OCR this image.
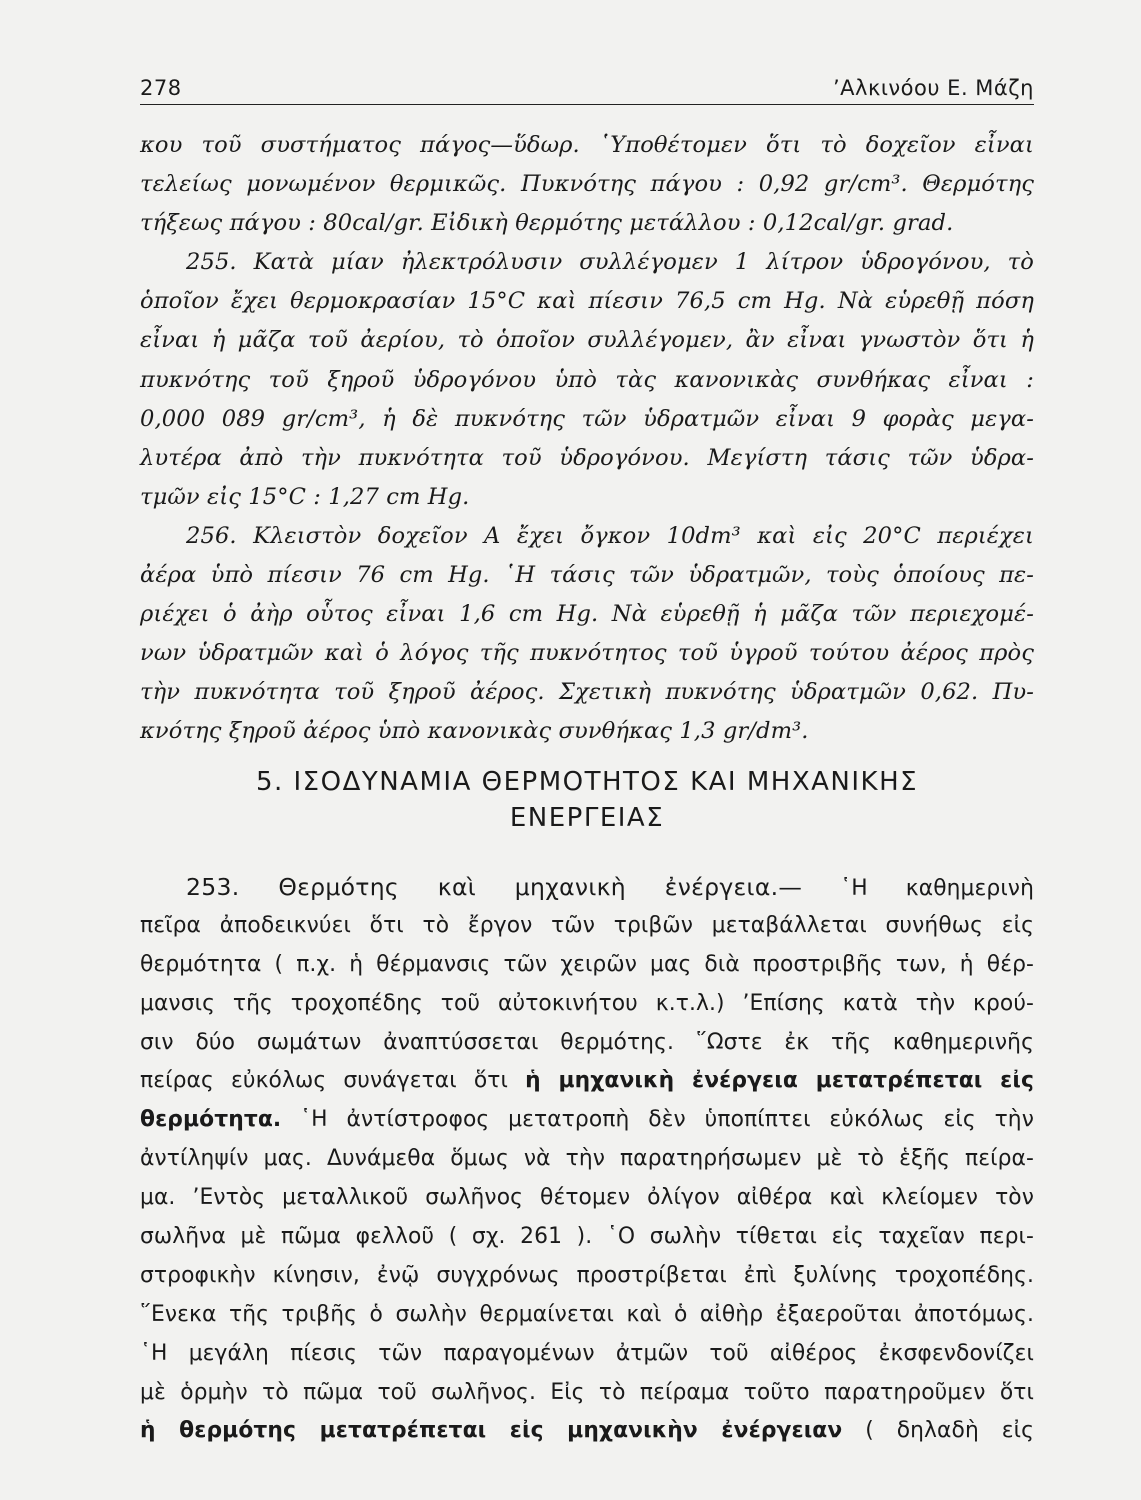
278	’Αλκινόου Ε. Μάζη
κου τοῦ συστήματος πάγος—ὕδωρ. ῾Υποθέτομεν ὅτι τὸ δοχεῖον εἶναι
τελείως μονωμένον θερμικῶς. Πυκνότης πάγου : 0,92 gr/cm³. Θερμότης
τήξεως πάγου : 80cal/gr. Εἰδικὴ θερμότης μετάλλου : 0,12cal/gr. grad.
255. Κατὰ μίαν ἠλεκτρόλυσιν συλλέγομεν 1 λίτρον ὑδρογόνου, τὸ
ὁποῖον ἔχει θερμοκρασίαν 15°C καὶ πίεσιν 76,5 cm Hg. Νὰ εὑρεθῇ πόση
εἶναι ἡ μᾶζα τοῦ ἀερίου, τὸ ὁποῖον συλλέγομεν, ἂν εἶναι γνωστὸν ὅτι ἡ
πυκνότης τοῦ ξηροῦ ὑδρογόνου ὑπὸ τὰς κανονικὰς συνθήκας εἶναι :
0,000 089 gr/cm³, ἡ δὲ πυκνότης τῶν ὑδρατμῶν εἶναι 9 φορὰς μεγα-
λυτέρα ἀπὸ τὴν πυκνότητα τοῦ ὑδρογόνου. Μεγίστη τάσις τῶν ὑδρα-
τμῶν εἰς 15°C : 1,27 cm Hg.
256. Κλειστὸν δοχεῖον Α ἔχει ὄγκον 10dm³ καὶ εἰς 20°C περιέχει
ἀέρα ὑπὸ πίεσιν 76 cm Hg. ῾Η τάσις τῶν ὑδρατμῶν, τοὺς ὁποίους πε-
ριέχει ὁ ἀὴρ οὗτος εἶναι 1,6 cm Hg. Νὰ εὑρεθῇ ἡ μᾶζα τῶν περιεχομέ-
νων ὑδρατμῶν καὶ ὁ λόγος τῆς πυκνότητος τοῦ ὑγροῦ τούτου ἀέρος πρὸς
τὴν πυκνότητα τοῦ ξηροῦ ἀέρος. Σχετικὴ πυκνότης ὑδρατμῶν 0,62. Πυ-
κνότης ξηροῦ ἀέρος ὑπὸ κανονικὰς συνθήκας 1,3 gr/dm³.
5. ΙΣΟΔΥΝΑΜΙΑ ΘΕΡΜΟΤΗΤΟΣ ΚΑΙ ΜΗΧΑΝΙΚΗΣ
ΕΝΕΡΓΕΙΑΣ
253. Θερμότης καὶ μηχανικὴ ἐνέργεια.— ῾Η καθημερινὴ
πεῖρα ἀποδεικνύει ὅτι τὸ ἔργον τῶν τριβῶν μεταβάλλεται συνήθως εἰς
θερμότητα ( π.χ. ἡ θέρμανσις τῶν χειρῶν μας διὰ προστριβῆς των, ἡ θέρ-
μανσις τῆς τροχοπέδης τοῦ αὐτοκινήτου κ.τ.λ.) ’Επίσης κατὰ τὴν κρού-
σιν δύο σωμάτων ἀναπτύσσεται θερμότης. ῞Ωστε ἐκ τῆς καθημερινῆς
πείρας εὐκόλως συνάγεται ὅτι ἡ μηχανικὴ ἐνέργεια μετατρέπεται εἰς
θερμότητα. ῾Η ἀντίστροφος μετατροπὴ δὲν ὑποπίπτει εὐκόλως εἰς τὴν
ἀντίληψίν μας. Δυνάμεθα ὅμως νὰ τὴν παρατηρήσωμεν μὲ τὸ ἑξῆς πείρα-
μα. ’Εντὸς μεταλλικοῦ σωλῆνος θέτομεν ὀλίγον αἰθέρα καὶ κλείομεν τὸν
σωλῆνα μὲ πῶμα φελλοῦ ( σχ. 261 ). ῾Ο σωλὴν τίθεται εἰς ταχεῖαν περι-
στροφικὴν κίνησιν, ἐνῷ συγχρόνως προστρίβεται ἐπὶ ξυλίνης τροχοπέδης.
῞Ενεκα τῆς τριβῆς ὁ σωλὴν θερμαίνεται καὶ ὁ αἰθὴρ ἐξαεροῦται ἀποτόμως.
῾Η μεγάλη πίεσις τῶν παραγομένων ἀτμῶν τοῦ αἰθέρος ἐκσφενδονίζει
μὲ ὁρμὴν τὸ πῶμα τοῦ σωλῆνος. Εἰς τὸ πείραμα τοῦτο παρατηροῦμεν ὅτι
ἡ θερμότης μετατρέπεται εἰς μηχανικὴν ἐνέργειαν ( δηλαδὴ εἰς
